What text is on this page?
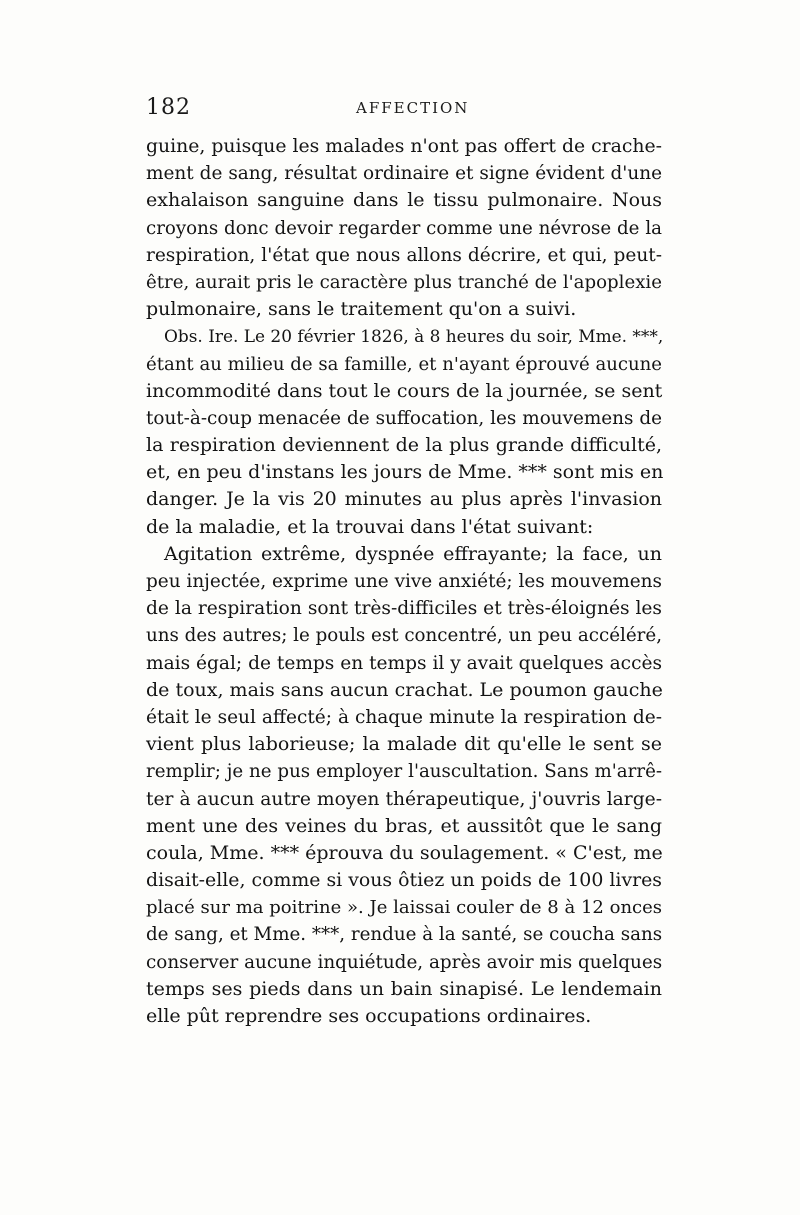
182	AFFECTION
guine, puisque les malades n'ont pas offert de crache-
ment de sang, résultat ordinaire et signe évident d'une
exhalaison sanguine dans le tissu pulmonaire. Nous
croyons donc devoir regarder comme une névrose de la
respiration, l'état que nous allons décrire, et qui, peut-
être, aurait pris le caractère plus tranché de l'apoplexie
pulmonaire, sans le traitement qu'on a suivi.
Obs. Ire. Le 20 février 1826, à 8 heures du soir, Mme. ***,
étant au milieu de sa famille, et n'ayant éprouvé aucune
incommodité dans tout le cours de la journée, se sent
tout-à-coup menacée de suffocation, les mouvemens de
la respiration deviennent de la plus grande difficulté,
et, en peu d'instans les jours de Mme. *** sont mis en
danger. Je la vis 20 minutes au plus après l'invasion
de la maladie, et la trouvai dans l'état suivant:
Agitation extrême, dyspnée effrayante; la face, un
peu injectée, exprime une vive anxiété; les mouvemens
de la respiration sont très-difficiles et très-éloignés les
uns des autres; le pouls est concentré, un peu accéléré,
mais égal; de temps en temps il y avait quelques accès
de toux, mais sans aucun crachat. Le poumon gauche
était le seul affecté; à chaque minute la respiration de-
vient plus laborieuse; la malade dit qu'elle le sent se
remplir; je ne pus employer l'auscultation. Sans m'arrê-
ter à aucun autre moyen thérapeutique, j'ouvris large-
ment une des veines du bras, et aussitôt que le sang
coula, Mme. *** éprouva du soulagement. « C'est, me
disait-elle, comme si vous ôtiez un poids de 100 livres
placé sur ma poitrine ». Je laissai couler de 8 à 12 onces
de sang, et Mme. ***, rendue à la santé, se coucha sans
conserver aucune inquiétude, après avoir mis quelques
temps ses pieds dans un bain sinapisé. Le lendemain
elle pût reprendre ses occupations ordinaires.
